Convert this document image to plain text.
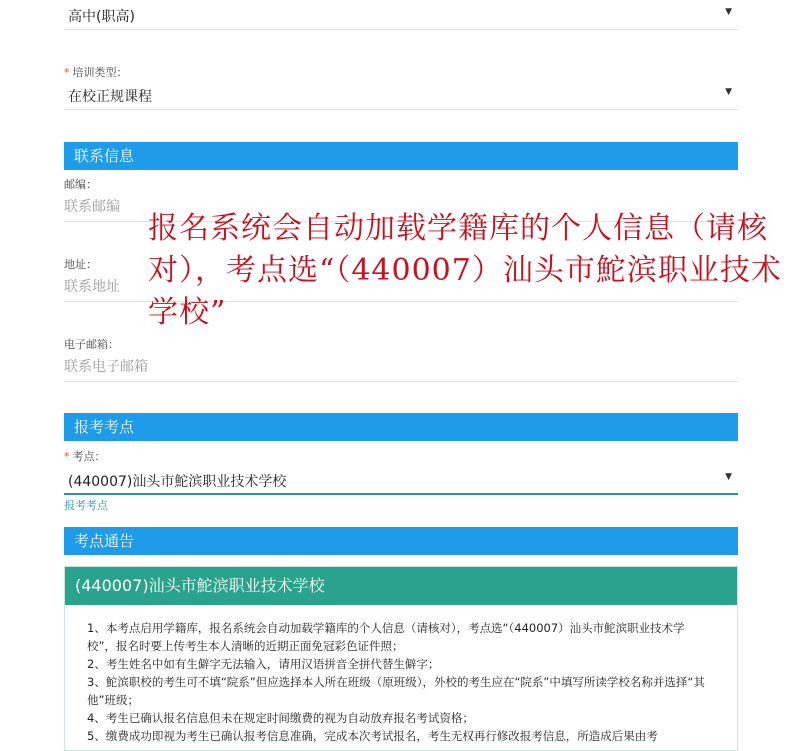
高中(职高)	▼
* 培训类型：
在校正规课程	▼
联系信息
邮编：
联系邮编
地址：
联系地址
电子邮箱：
联系电子邮箱
报名系统会自动加载学籍库的个人信息（请核对），考点选“（440007）汕头市鮀滨职业技术学校”
报考考点
* 考点：
(440007)汕头市鮀滨职业技术学校	▼
报考考点
考点通告
(440007)汕头市鮀滨职业技术学校

1、本考点启用学籍库，报名系统会自动加载学籍库的个人信息（请核对），考点选“（440007）汕头市鮀滨职业技术学校”，报名时要上传考生本人清晰的近期正面免冠彩色证件照；

2、考生姓名中如有生僻字无法输入，请用汉语拼音全拼代替生僻字；

3、鮀滨职校的考生可不填“院系”但应选择本人所在班级（原班级），外校的考生应在“院系”中填写所读学校名称并选择“其他”班级；

4、考生已确认报名信息但未在规定时间缴费的视为自动放弃报名考试资格；

5、缴费成功即视为考生已确认报考信息准确，完成本次考试报名，考生无权再行修改报考信息，所造成后果由考
